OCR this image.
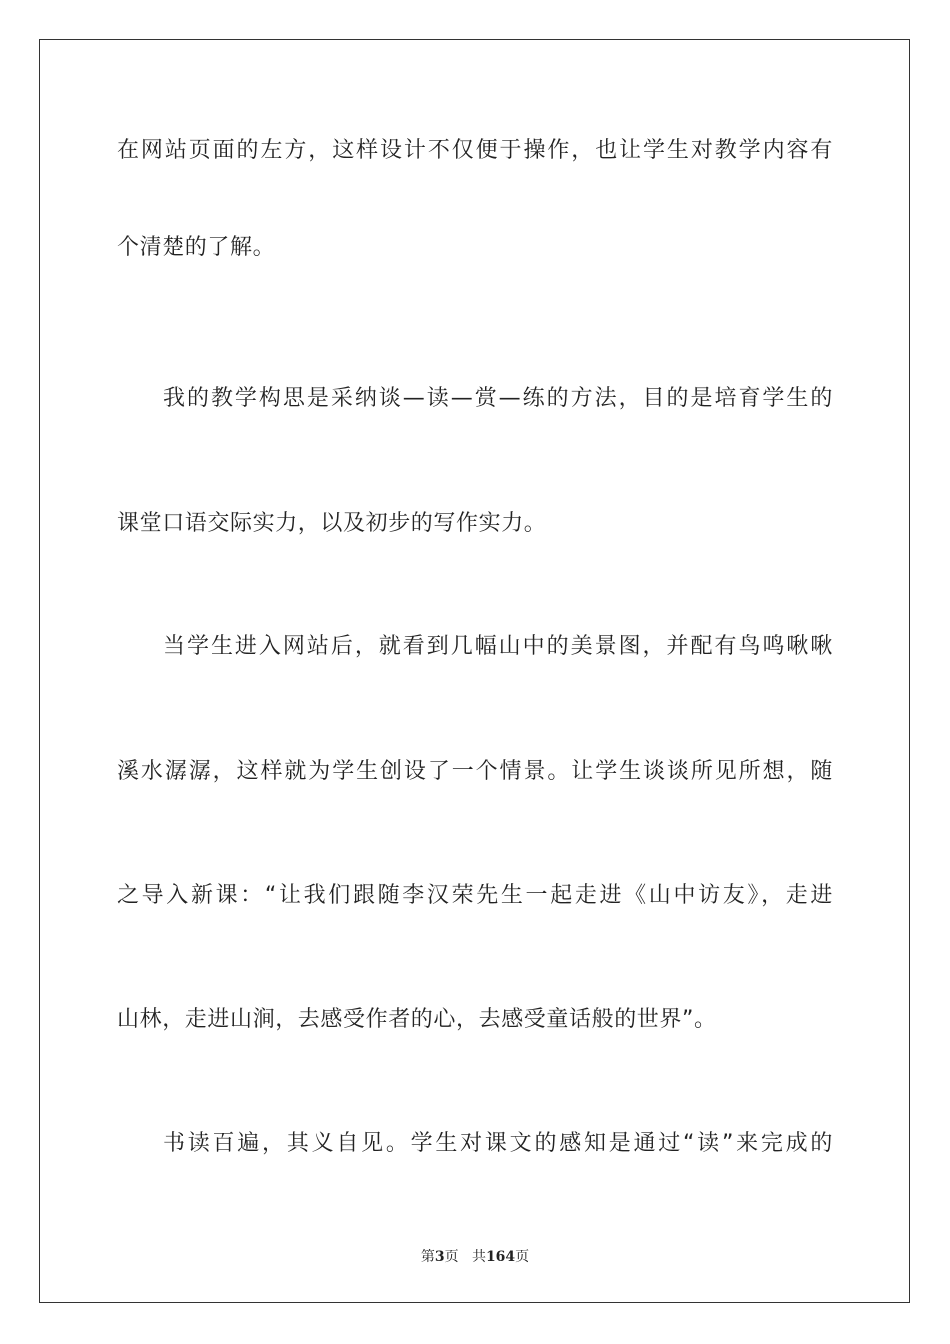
在网站页面的左方，这样设计不仅便于操作，也让学生对教学内容有
个清楚的了解。
我的教学构思是采纳谈—读—赏—练的方法，目的是培育学生的
课堂口语交际实力，以及初步的写作实力。
当学生进入网站后，就看到几幅山中的美景图，并配有鸟鸣啾啾
溪水潺潺，这样就为学生创设了一个情景。让学生谈谈所见所想，随
之导入新课：“让我们跟随李汉荣先生一起走进《山中访友》，走进
山林，走进山涧，去感受作者的心，去感受童话般的世界”。
书读百遍，其义自见。学生对课文的感知是通过“读”来完成的
第3页 共164页
